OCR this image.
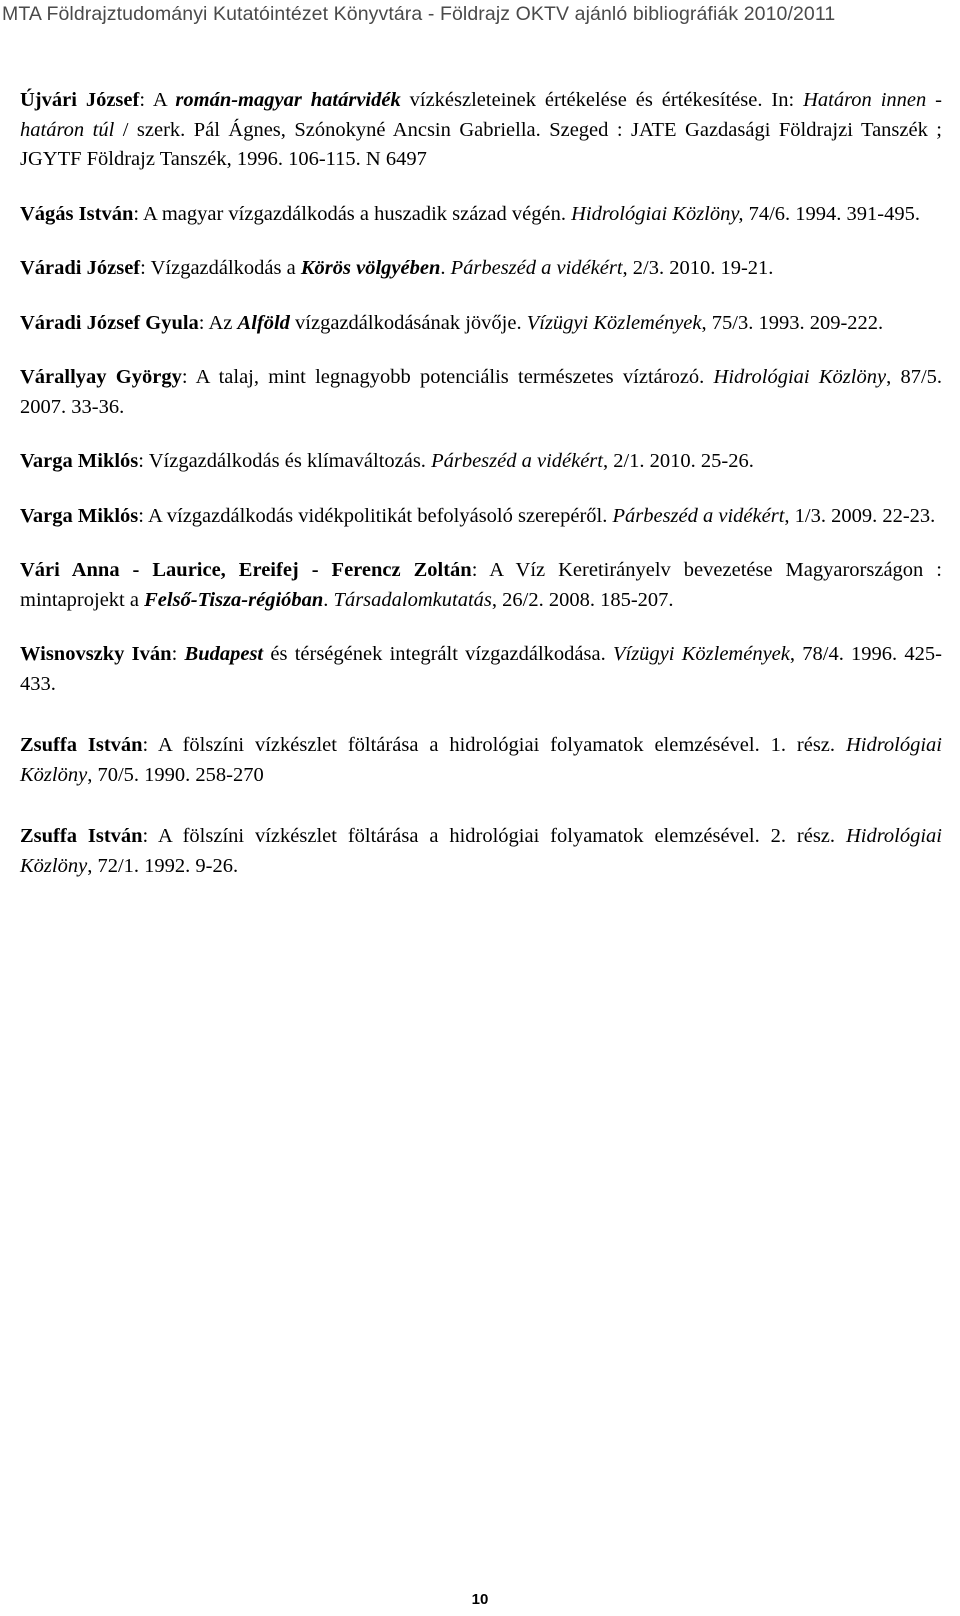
MTA Földrajztudományi Kutatóintézet Könyvtára - Földrajz OKTV ajánló bibliográfiák 2010/2011

Újvári József: A román-magyar határvidék vízkészleteinek értékelése és értékesítése. In: Határon innen - határon túl / szerk. Pál Ágnes, Szónokyné Ancsin Gabriella. Szeged : JATE Gazdasági Földrajzi Tanszék ; JGYTF Földrajz Tanszék, 1996. 106-115. N 6497

Vágás István: A magyar vízgazdálkodás a huszadik század végén. Hidrológiai Közlöny, 74/6. 1994. 391-495.

Váradi József: Vízgazdálkodás a Körös völgyében. Párbeszéd a vidékért, 2/3. 2010. 19-21.

Váradi József Gyula: Az Alföld vízgazdálkodásának jövője. Vízügyi Közlemények, 75/3. 1993. 209-222.

Várallyay György: A talaj, mint legnagyobb potenciális természetes víztározó. Hidrológiai Közlöny, 87/5. 2007. 33-36.

Varga Miklós: Vízgazdálkodás és klímaváltozás. Párbeszéd a vidékért, 2/1. 2010. 25-26.

Varga Miklós: A vízgazdálkodás vidékpolitikát befolyásoló szerepéről. Párbeszéd a vidékért, 1/3. 2009. 22-23.

Vári Anna - Laurice, Ereifej - Ferencz Zoltán: A Víz Keretirányelv bevezetése Magyarországon : mintaprojekt a Felső-Tisza-régióban. Társadalomkutatás, 26/2. 2008. 185-207.

Wisnovszky Iván: Budapest és térségének integrált vízgazdálkodása. Vízügyi Közlemények, 78/4. 1996. 425-433.

Zsuffa István: A fölszíni vízkészlet föltárása a hidrológiai folyamatok elemzésével. 1. rész. Hidrológiai Közlöny, 70/5. 1990. 258-270

Zsuffa István: A fölszíni vízkészlet föltárása a hidrológiai folyamatok elemzésével. 2. rész. Hidrológiai Közlöny, 72/1. 1992. 9-26.

10
